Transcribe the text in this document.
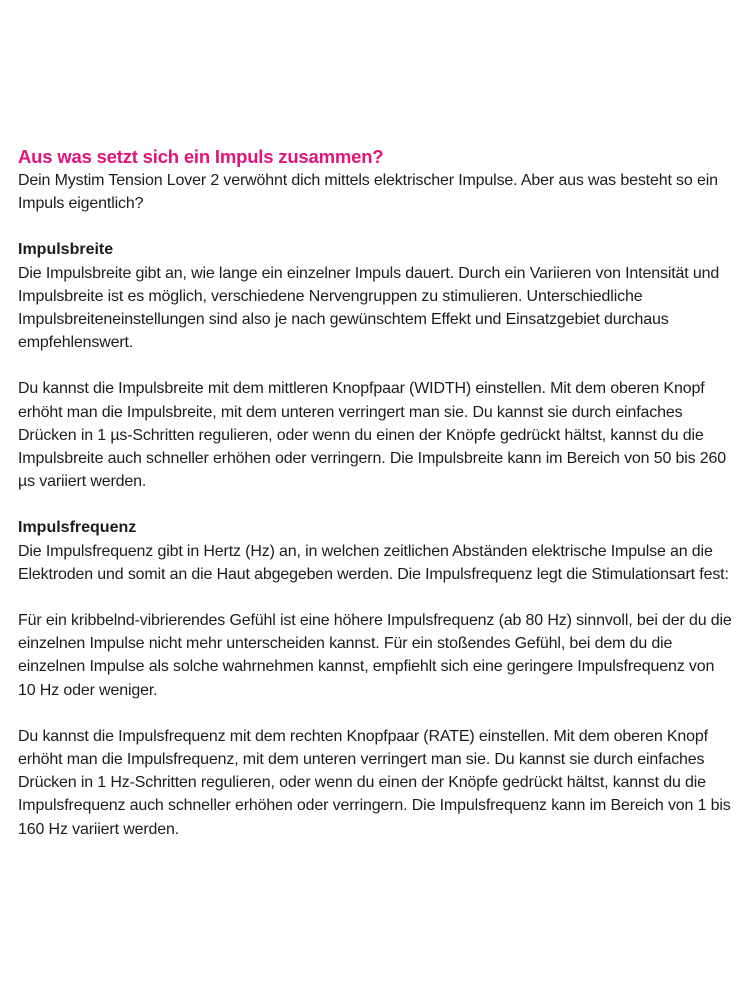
Aus was setzt sich ein Impuls zusammen?

Dein Mystim Tension Lover 2 verwöhnt dich mittels elektrischer Impulse. Aber aus was besteht so ein Impuls eigentlich?

Impulsbreite

Die Impulsbreite gibt an, wie lange ein einzelner Impuls dauert. Durch ein Variieren von Intensität und Impulsbreite ist es möglich, verschiedene Nervengruppen zu stimulieren. Unterschiedliche Impulsbreiteneinstellungen sind also je nach gewünschtem Effekt und Einsatzgebiet durchaus empfehlenswert.

Du kannst die Impulsbreite mit dem mittleren Knopfpaar (WIDTH) einstellen. Mit dem oberen Knopf erhöht man die Impulsbreite, mit dem unteren verringert man sie. Du kannst sie durch einfaches Drücken in 1 µs-Schritten regulieren, oder wenn du einen der Knöpfe gedrückt hältst, kannst du die Impulsbreite auch schneller erhöhen oder verringern. Die Impulsbreite kann im Bereich von 50 bis 260 µs variiert werden.

Impulsfrequenz

Die Impulsfrequenz gibt in Hertz (Hz) an, in welchen zeitlichen Abständen elektrische Impulse an die Elektroden und somit an die Haut abgegeben werden. Die Impulsfrequenz legt die Stimulationsart fest:

Für ein kribbelnd-vibrierendes Gefühl ist eine höhere Impulsfrequenz (ab 80 Hz) sinnvoll, bei der du die einzelnen Impulse nicht mehr unterscheiden kannst. Für ein stoßendes Gefühl, bei dem du die einzelnen Impulse als solche wahrnehmen kannst, empfiehlt sich eine geringere Impulsfrequenz von 10 Hz oder weniger.

Du kannst die Impulsfrequenz mit dem rechten Knopfpaar (RATE) einstellen. Mit dem oberen Knopf erhöht man die Impulsfrequenz, mit dem unteren verringert man sie. Du kannst sie durch einfaches Drücken in 1 Hz-Schritten regulieren, oder wenn du einen der Knöpfe gedrückt hältst, kannst du die Impulsfrequenz auch schneller erhöhen oder verringern. Die Impulsfrequenz kann im Bereich von 1 bis 160 Hz variiert werden.
